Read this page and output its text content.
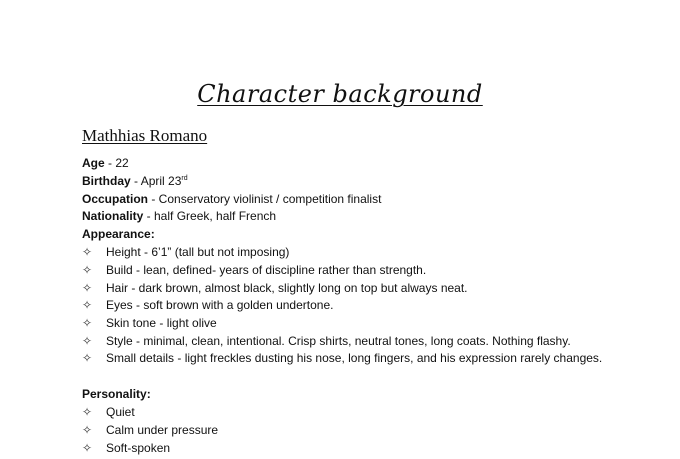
Character background
Mathhias Romano
Age - 22
Birthday - April 23rd
Occupation - Conservatory violinist / competition finalist
Nationality - half Greek, half French
Appearance:
✧ Height - 6’1” (tall but not imposing)
✧ Build - lean, defined- years of discipline rather than strength.
✧ Hair - dark brown, almost black, slightly long on top but always neat.
✧ Eyes - soft brown with a golden undertone.
✧ Skin tone - light olive
✧ Style - minimal, clean, intentional. Crisp shirts, neutral tones, long coats. Nothing flashy.
✧ Small details - light freckles dusting his nose, long fingers, and his expression rarely changes.
Personality:
✧ Quiet
✧ Calm under pressure
✧ Soft-spoken
